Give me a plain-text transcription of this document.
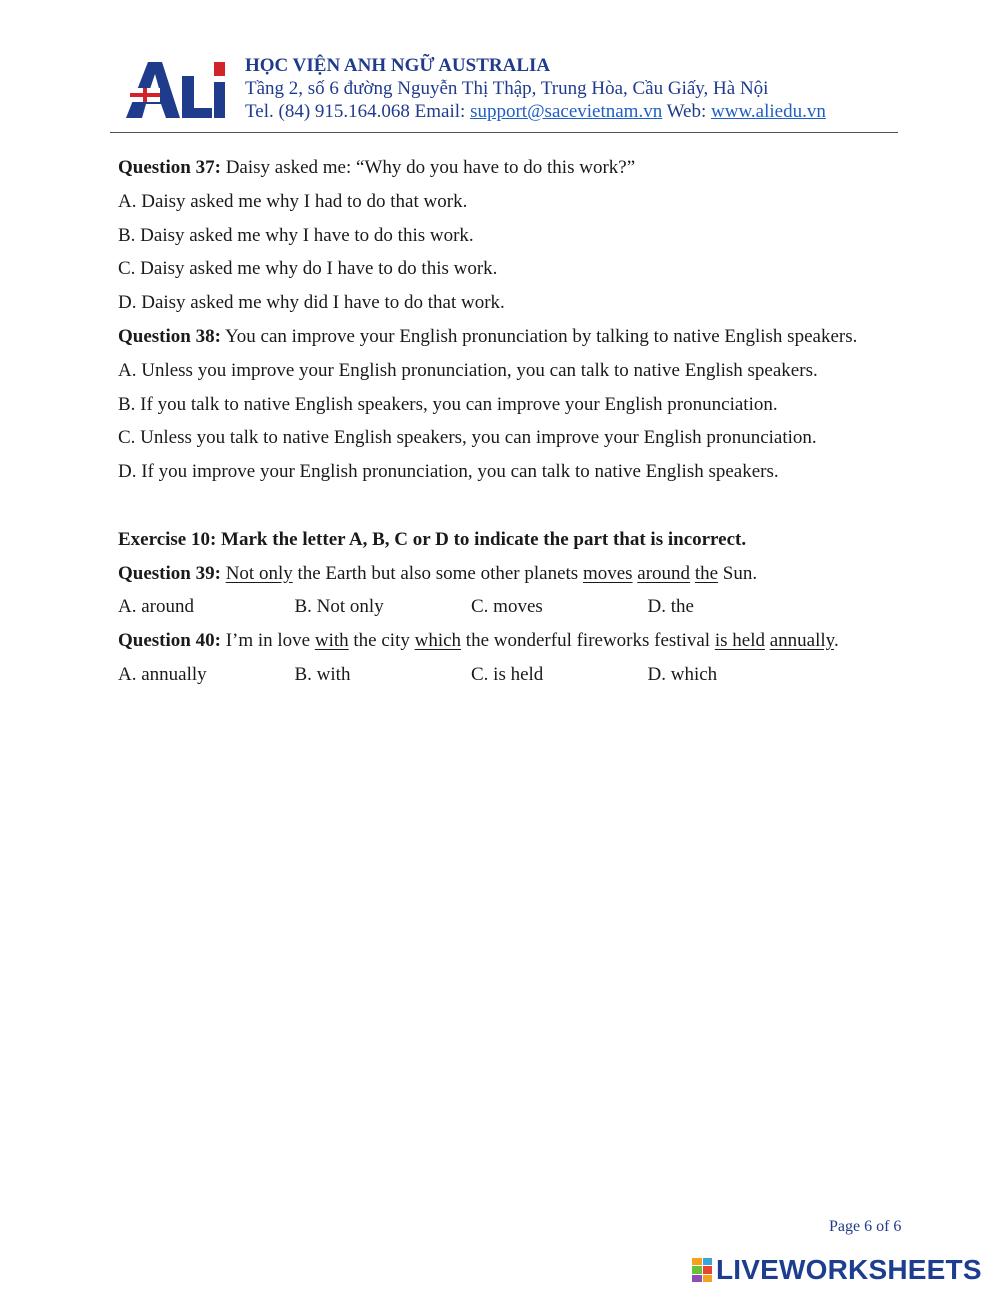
HỌC VIỆN ANH NGỮ AUSTRALIA
Tầng 2, số 6 đường Nguyễn Thị Thập, Trung Hòa, Cầu Giấy, Hà Nội
Tel. (84) 915.164.068 Email: support@sacevietnam.vn Web: www.aliedu.vn
Question 37: Daisy asked me: “Why do you have to do this work?”
A. Daisy asked me why I had to do that work.
B. Daisy asked me why I have to do this work.
C. Daisy asked me why do I have to do this work.
D. Daisy asked me why did I have to do that work.
Question 38: You can improve your English pronunciation by talking to native English speakers.
A. Unless you improve your English pronunciation, you can talk to native English speakers.
B. If you talk to native English speakers, you can improve your English pronunciation.
C. Unless you talk to native English speakers, you can improve your English pronunciation.
D. If you improve your English pronunciation, you can talk to native English speakers.
Exercise 10: Mark the letter A, B, C or D to indicate the part that is incorrect.
Question 39: Not only the Earth but also some other planets moves around the Sun.
A. around	B. Not only	C. moves	D. the
Question 40: I’m in love with the city which the wonderful fireworks festival is held annually.
A. annually	B. with	C. is held	D. which
Page 6 of 6
LIVEWORKSHEETS
